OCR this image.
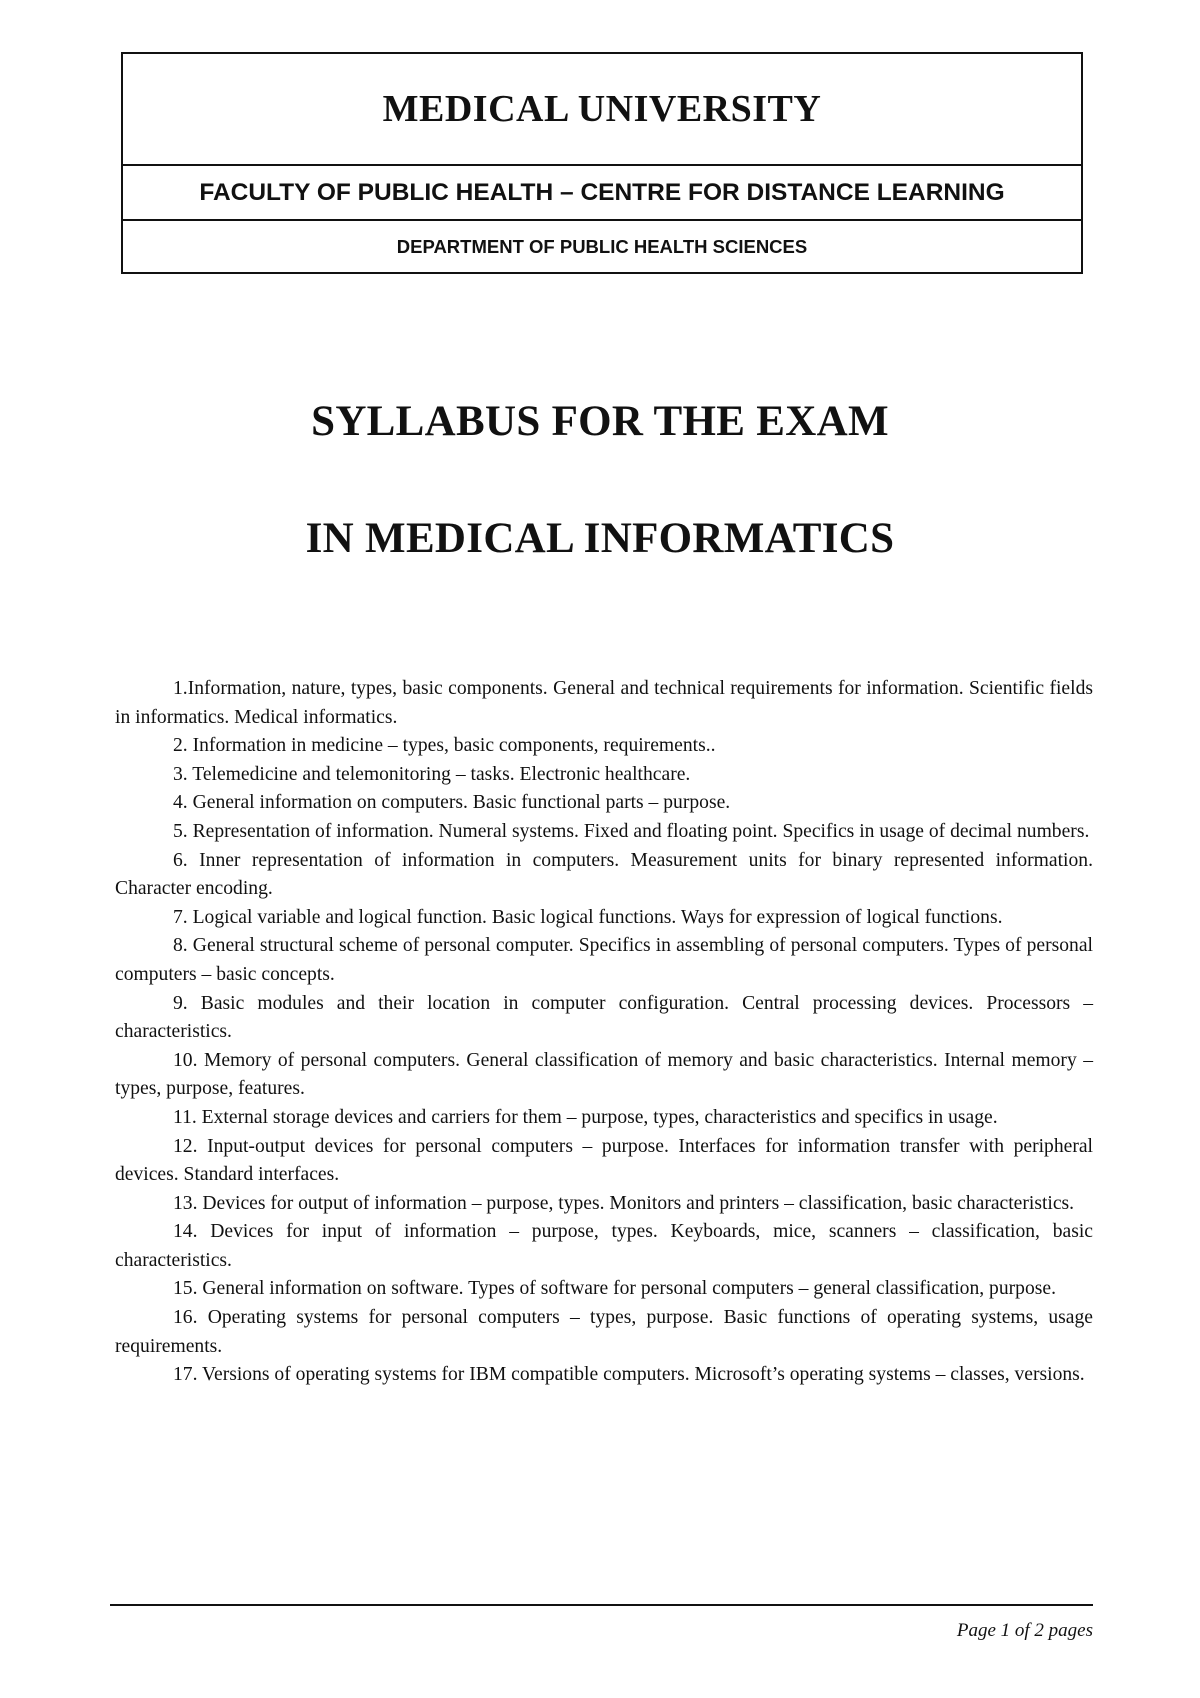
MEDICAL UNIVERSITY
FACULTY OF PUBLIC HEALTH – CENTRE FOR DISTANCE LEARNING
DEPARTMENT OF PUBLIC HEALTH SCIENCES
SYLLABUS FOR THE EXAM
IN MEDICAL INFORMATICS
1.Information, nature, types, basic components. General and technical requirements for information. Scientific fields in informatics. Medical informatics.
2. Information in medicine – types, basic components, requirements..
3. Telemedicine and telemonitoring – tasks. Electronic healthcare.
4. General information on computers. Basic functional parts – purpose.
5. Representation of information. Numeral systems. Fixed and floating point. Specifics in usage of decimal numbers.
6. Inner representation of information in computers. Measurement units for binary represented information. Character encoding.
7. Logical variable and logical function. Basic logical functions. Ways for expression of logical functions.
8. General structural scheme of personal computer. Specifics in assembling of personal computers. Types of personal computers – basic concepts.
9. Basic modules and their location in computer configuration. Central processing devices. Processors – characteristics.
10. Memory of personal computers. General classification of memory and basic characteristics. Internal memory – types, purpose, features.
11. External storage devices and carriers for them – purpose, types, characteristics and specifics in usage.
12. Input-output devices for personal computers – purpose. Interfaces for information transfer with peripheral devices. Standard interfaces.
13. Devices for output of information – purpose, types. Monitors and printers – classification, basic characteristics.
14. Devices for input of information – purpose, types. Keyboards, mice, scanners – classification, basic characteristics.
15. General information on software. Types of software for personal computers – general classification, purpose.
16. Operating systems for personal computers – types, purpose. Basic functions of operating systems, usage requirements.
17. Versions of operating systems for IBM compatible computers. Microsoft’s operating systems – classes, versions.
Page 1 of 2 pages
